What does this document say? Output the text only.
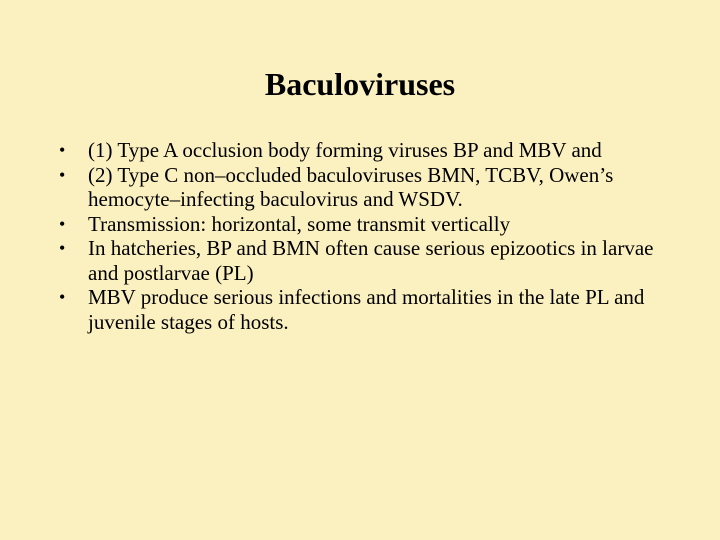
Baculoviruses
• (1) Type A occlusion body forming viruses BP and MBV and
• (2) Type C non–occluded baculoviruses BMN, TCBV, Owen’s hemocyte–infecting baculovirus and WSDV.
• Transmission: horizontal, some transmit vertically
• In hatcheries, BP and BMN often cause serious epizootics in larvae and postlarvae (PL)
• MBV produce serious infections and mortalities in the late PL and juvenile stages of hosts.
